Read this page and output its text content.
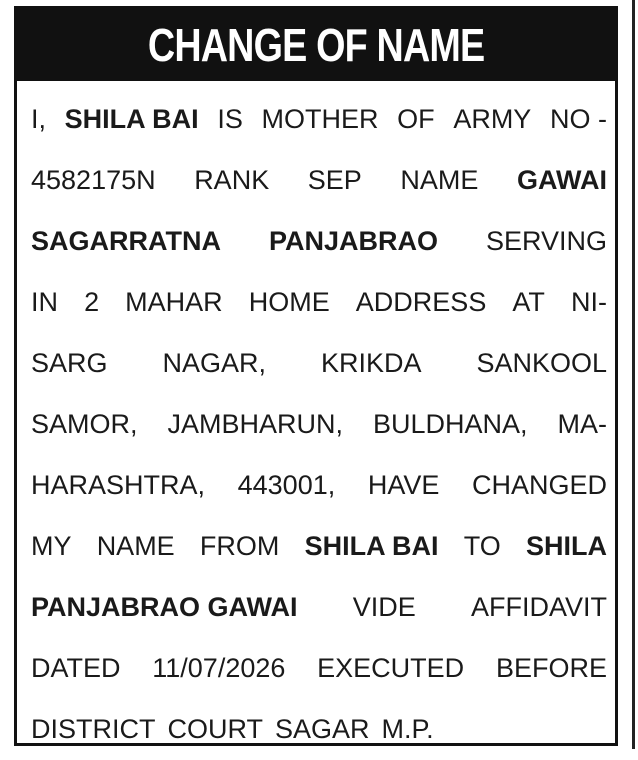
CHANGE OF NAME
I, SHILA BAI IS MOTHER OF ARMY NO -
4582175N RANK SEP NAME GAWAI
SAGARRATNA PANJABRAO SERVING
IN 2 MAHAR HOME ADDRESS AT NI-
SARG NAGAR, KRIKDA SANKOOL
SAMOR, JAMBHARUN, BULDHANA, MA-
HARASHTRA, 443001, HAVE CHANGED
MY NAME FROM SHILA BAI TO SHILA
PANJABRAO GAWAI VIDE AFFIDAVIT
DATED 11/07/2026 EXECUTED BEFORE
DISTRICT COURT SAGAR M.P.
